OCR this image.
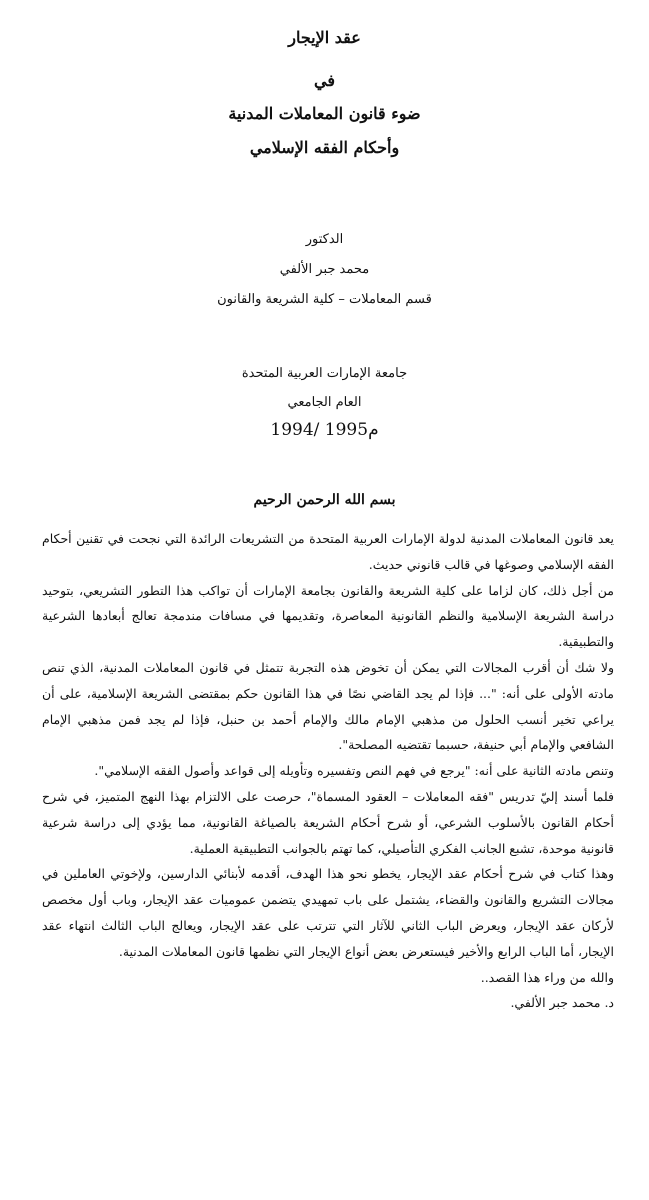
عقد الإيجار

في

ضوء قانون المعاملات المدنية

وأحكام الفقه الإسلامي

الدكتور

محمد جبر الألفي

قسم المعاملات – كلية الشريعة والقانون

جامعة الإمارات العربية المتحدة

العام الجامعي

1994/ 1995م

بسم الله الرحمن الرحيم

يعد قانون المعاملات المدنية لدولة الإمارات العربية المتحدة من التشريعات الرائدة التي نجحت في تقنين أحكام الفقه الإسلامي وصوغها في قالب قانوني حديث.

من أجل ذلك، كان لزاما على كلية الشريعة والقانون بجامعة الإمارات أن تواكب هذا التطور التشريعي، بتوحيد دراسة الشريعة الإسلامية والنظم القانونية المعاصرة، وتقديمها في مسافات مندمجة تعالج أبعادها الشرعية والتطبيقية.

ولا شك أن أقرب المجالات التي يمكن أن تخوض هذه التجربة تتمثل في قانون المعاملات المدنية، الذي تنص مادته الأولى على أنه: "... فإذا لم يجد القاضي نصًا في هذا القانون حكم بمقتضى الشريعة الإسلامية، على أن يراعي تخير أنسب الحلول من مذهبي الإمام مالك والإمام أحمد بن حنبل، فإذا لم يجد فمن مذهبي الإمام الشافعي والإمام أبي حنيفة، حسبما تقتضيه المصلحة".

وتنص مادته الثانية على أنه: "يرجع في فهم النص وتفسيره وتأويله إلى قواعد وأصول الفقه الإسلامي".

فلما أسند إليّ تدريس "فقه المعاملات – العقود المسماة"، حرصت على الالتزام بهذا النهج المتميز، في شرح أحكام القانون بالأسلوب الشرعي، أو شرح أحكام الشريعة بالصياغة القانونية، مما يؤدي إلى دراسة شرعية قانونية موحدة، تشبع الجانب الفكري التأصيلي، كما تهتم بالجوانب التطبيقية العملية.

وهذا كتاب في شرح أحكام عقد الإيجار، يخطو نحو هذا الهدف، أقدمه لأبنائي الدارسين، ولإخوتي العاملين في مجالات التشريع والقانون والقضاء، يشتمل على باب تمهيدي يتضمن عموميات عقد الإيجار، وباب أول مخصص لأركان عقد الإيجار، ويعرض الباب الثاني للآثار التي تترتب على عقد الإيجار، ويعالج الباب الثالث انتهاء عقد الإيجار، أما الباب الرابع والأخير فيستعرض بعض أنواع الإيجار التي نظمها قانون المعاملات المدنية.

والله من وراء هذا القصد..

د. محمد جبر الألفي.
